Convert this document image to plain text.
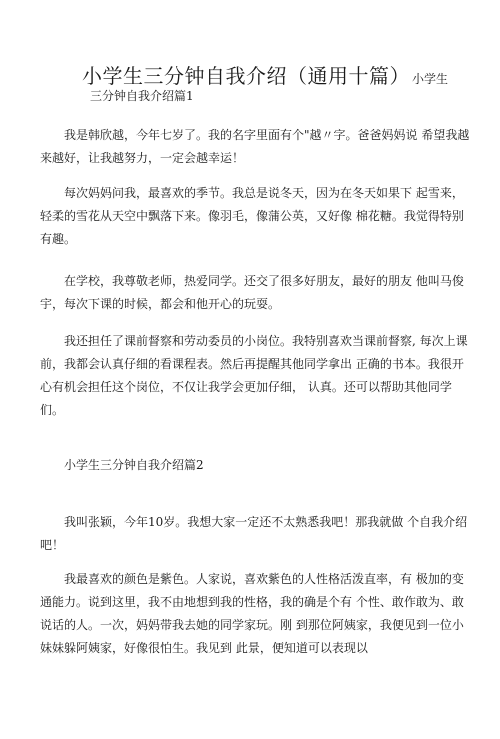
小学生三分钟自我介绍（通用十篇） 小学生
三分钟自我介绍篇1

我是韩欣越，今年七岁了。我的名字里面有个"越〃字。爸爸妈妈说 希望我越来越好，让我越努力，一定会越幸运！

每次妈妈问我，最喜欢的季节。我总是说冬天，因为在冬天如果下 起雪来，轻柔的雪花从天空中飘落下来。像羽毛，像蒲公英，又好像 棉花糖。我觉得特别有趣。

在学校，我尊敬老师，热爱同学。还交了很多好朋友，最好的朋友 他叫马俊宇，每次下课的时候，都会和他开心的玩耍。

我还担任了课前督察和劳动委员的小岗位。我特别喜欢当课前督察, 每次上课前，我都会认真仔细的看课程表。然后再提醒其他同学拿出 正确的书本。我很开心有机会担任这个岗位，不仅让我学会更加仔细， 认真。还可以帮助其他同学们。

小学生三分钟自我介绍篇2

我叫张颖，今年10岁。我想大家一定还不太熟悉我吧！那我就做 个自我介绍吧！

我最喜欢的颜色是紫色。人家说，喜欢紫色的人性格活泼直率，有 极加的变通能力。说到这里，我不由地想到我的性格，我的确是个有 个性、敢作敢为、敢说话的人。一次，妈妈带我去她的同学家玩。刚 到那位阿姨家，我便见到一位小妹妹躲阿姨家，好像很怕生。我见到 此景，便知道可以表现以
